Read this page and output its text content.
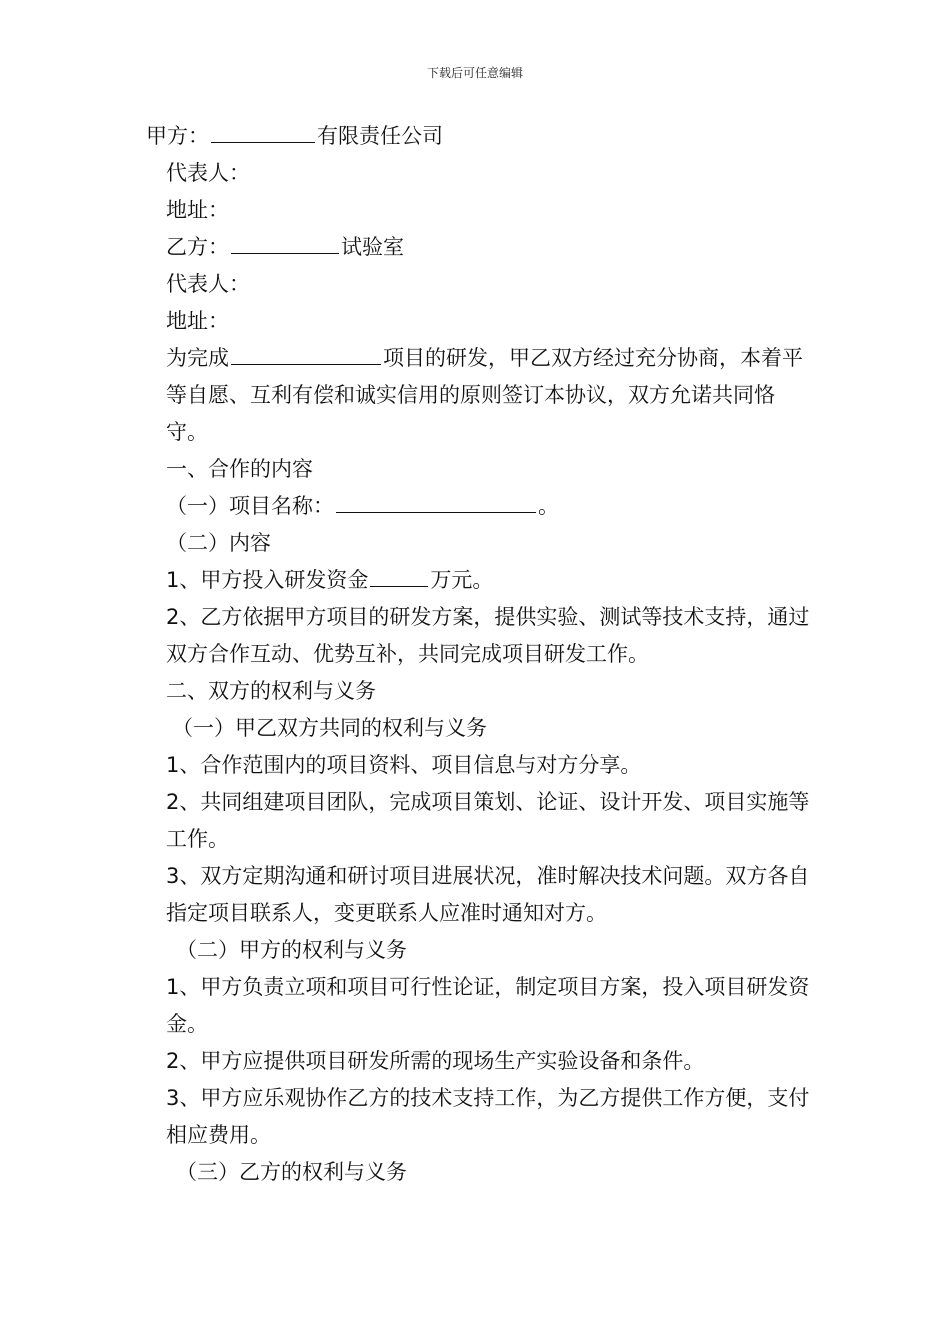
下载后可任意编辑

甲方：	有限责任公司

代表人：

地址：

乙方：	试验室

代表人：

地址：

为完成	项目的研发，甲乙双方经过充分协商，本着平等自愿、互利有偿和诚实信用的原则签订本协议，双方允诺共同恪守。

一、合作的内容

（一）项目名称：	。

（二）内容

1、甲方投入研发资金	万元。

2、乙方依据甲方项目的研发方案，提供实验、测试等技术支持，通过双方合作互动、优势互补，共同完成项目研发工作。

二、双方的权利与义务

（一）甲乙双方共同的权利与义务

1、合作范围内的项目资料、项目信息与对方分享。

2、共同组建项目团队，完成项目策划、论证、设计开发、项目实施等工作。

3、双方定期沟通和研讨项目进展状况，准时解决技术问题。双方各自指定项目联系人，变更联系人应准时通知对方。

（二）甲方的权利与义务

1、甲方负责立项和项目可行性论证，制定项目方案，投入项目研发资金。

2、甲方应提供项目研发所需的现场生产实验设备和条件。

3、甲方应乐观协作乙方的技术支持工作，为乙方提供工作方便，支付相应费用。

（三）乙方的权利与义务
